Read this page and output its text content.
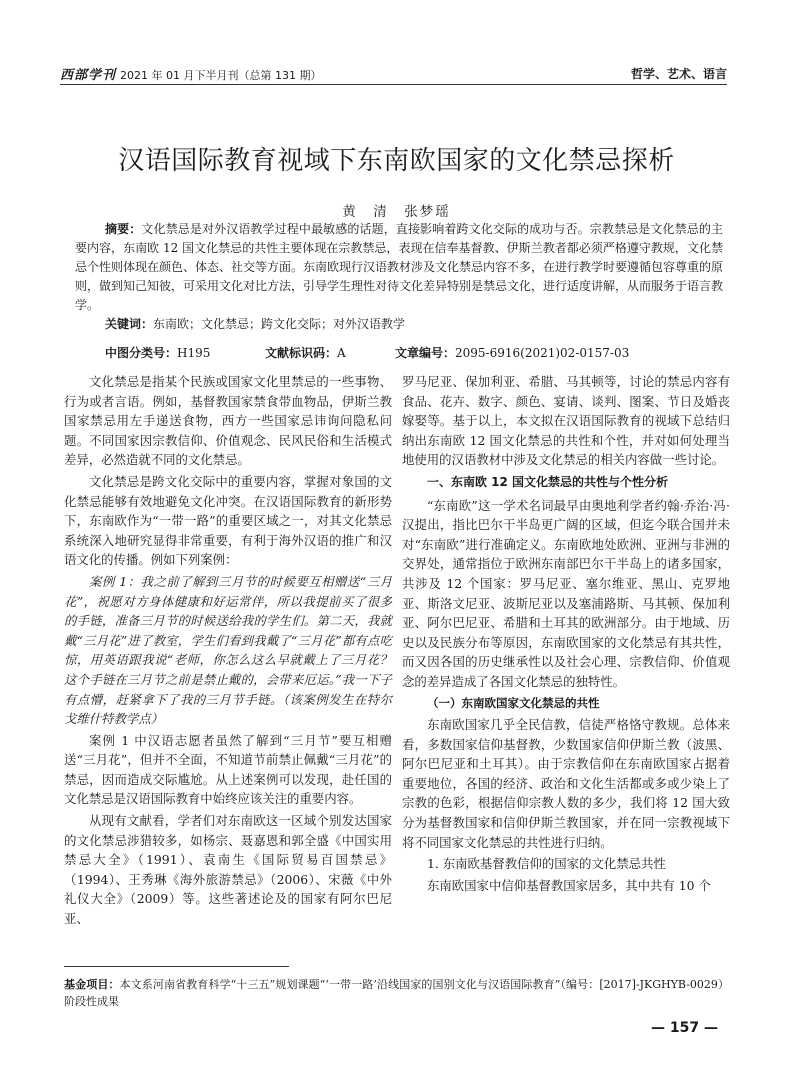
西部学刊 2021 年 01 月下半月刊（总第 131 期）	哲学、艺术、语言
汉语国际教育视域下东南欧国家的文化禁忌探析
黄　清　张梦瑶

摘要：文化禁忌是对外汉语教学过程中最敏感的话题，直接影响着跨文化交际的成功与否。宗教禁忌是文化禁忌的主要内容，东南欧 12 国文化禁忌的共性主要体现在宗教禁忌，表现在信奉基督教、伊斯兰教者都必须严格遵守教规，文化禁忌个性则体现在颜色、体态、社交等方面。东南欧现行汉语教材涉及文化禁忌内容不多，在进行教学时要遵循包容尊重的原则，做到知己知彼，可采用文化对比方法，引导学生理性对待文化差异特别是禁忌文化，进行适度讲解，从而服务于语言教学。

关键词：东南欧；文化禁忌；跨文化交际；对外汉语教学
中图分类号：H195	文献标识码：A	文章编号：2095-6916(2021)02-0157-03

文化禁忌是指某个民族或国家文化里禁忌的一些事物、行为或者言语。例如，基督教国家禁食带血物品，伊斯兰教国家禁忌用左手递送食物，西方一些国家忌讳询问隐私问题。不同国家因宗教信仰、价值观念、民风民俗和生活模式差异，必然造就不同的文化禁忌。

文化禁忌是跨文化交际中的重要内容，掌握对象国的文化禁忌能够有效地避免文化冲突。在汉语国际教育的新形势下，东南欧作为“一带一路”的重要区域之一，对其文化禁忌系统深入地研究显得非常重要，有利于海外汉语的推广和汉语文化的传播。例如下列案例：

案例 1：我之前了解到三月节的时候要互相赠送“三月花”，祝愿对方身体健康和好运常伴，所以我提前买了很多的手链，准备三月节的时候送给我的学生们。第二天，我就戴“三月花”进了教室，学生们看到我戴了“三月花”都有点吃惊，用英语跟我说“老师，你怎么这么早就戴上了三月花？这个手链在三月节之前是禁止戴的，会带来厄运。”我一下子有点懵，赶紧拿下了我的三月节手链。（该案例发生在特尔戈维什特教学点）

案例 1 中汉语志愿者虽然了解到“三月节”要互相赠送“三月花”，但并不全面，不知道节前禁止佩戴“三月花”的禁忌，因而造成交际尴尬。从上述案例可以发现，赴任国的文化禁忌是汉语国际教育中始终应该关注的重要内容。

从现有文献看，学者们对东南欧这一区域个别发达国家的文化禁忌涉猎较多，如杨宗、聂嘉恩和郭全盛《中国实用禁忌大全》（1991）、袁南生《国际贸易百国禁忌》（1994）、王秀琳《海外旅游禁忌》（2006）、宋薇《中外礼仪大全》（2009）等。这些著述论及的国家有阿尔巴尼亚、

罗马尼亚、保加利亚、希腊、马其顿等，讨论的禁忌内容有食品、花卉、数字、颜色、宴请、谈判、图案、节日及婚丧嫁娶等。基于以上，本文拟在汉语国际教育的视域下总结归纳出东南欧 12 国文化禁忌的共性和个性，并对如何处理当地使用的汉语教材中涉及文化禁忌的相关内容做一些讨论。

一、东南欧 12 国文化禁忌的共性与个性分析

“东南欧”这一学术名词最早由奥地利学者约翰·乔治·冯·汉提出，指比巴尔干半岛更广阔的区域，但迄今联合国并未对“东南欧”进行准确定义。东南欧地处欧洲、亚洲与非洲的交界处，通常指位于欧洲东南部巴尔干半岛上的诸多国家，共涉及 12 个国家：罗马尼亚、塞尔维亚、黑山、克罗地亚、斯洛文尼亚、波斯尼亚以及塞浦路斯、马其顿、保加利亚、阿尔巴尼亚、希腊和土耳其的欧洲部分。由于地域、历史以及民族分布等原因，东南欧国家的文化禁忌有其共性，而又因各国的历史继承性以及社会心理、宗教信仰、价值观念的差异造成了各国文化禁忌的独特性。

（一）东南欧国家文化禁忌的共性

东南欧国家几乎全民信教，信徒严格恪守教规。总体来看，多数国家信仰基督教，少数国家信仰伊斯兰教（波黑、阿尔巴尼亚和土耳其）。由于宗教信仰在东南欧国家占据着重要地位，各国的经济、政治和文化生活都或多或少染上了宗教的色彩，根据信仰宗教人数的多少，我们将 12 国大致分为基督教国家和信仰伊斯兰教国家，并在同一宗教视域下将不同国家文化禁忌的共性进行归纳。

1. 东南欧基督教信仰的国家的文化禁忌共性

东南欧国家中信仰基督教国家居多，其中共有 10 个

基金项目：本文系河南省教育科学“十三五”规划课题“‘一带一路’沿线国家的国别文化与汉语国际教育”（编号：[2017]-JKGHYB-0029）阶段性成果
— 157 —
